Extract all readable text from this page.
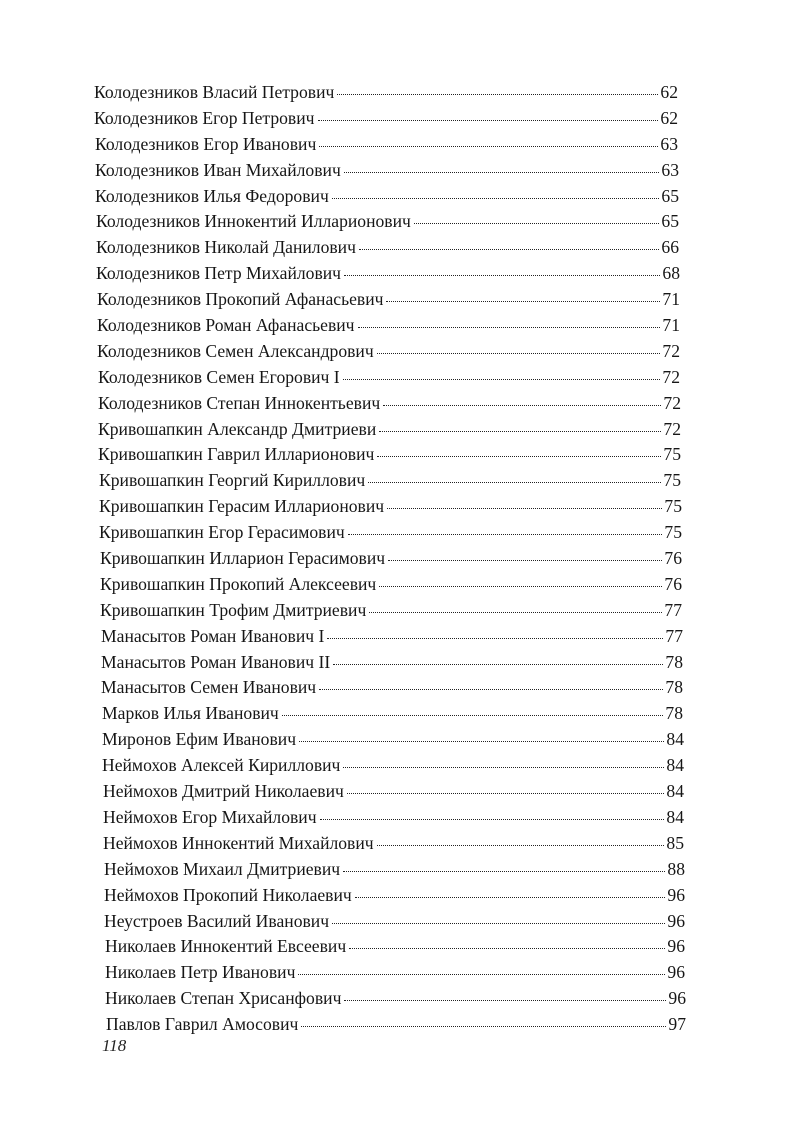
Колодезников Власий Петрович	62
Колодезников Егор Петрович	62
Колодезников Егор Иванович	63
Колодезников Иван Михайлович	63
Колодезников Илья Федорович	65
Колодезников Иннокентий Илларионович	65
Колодезников Николай Данилович	66
Колодезников Петр Михайлович	68
Колодезников Прокопий Афанасьевич	71
Колодезников Роман Афанасьевич	71
Колодезников Семен Александрович	72
Колодезников Семен Егорович I	72
Колодезников Степан Иннокентьевич	72
Кривошапкин Александр Дмитриеви	72
Кривошапкин Гаврил Илларионович	75
Кривошапкин Георгий Кириллович	75
Кривошапкин Герасим Илларионович	75
Кривошапкин Егор Герасимович	75
Кривошапкин Илларион Герасимович	76
Кривошапкин Прокопий Алексеевич	76
Кривошапкин Трофим Дмитриевич	77
Манасытов Роман Иванович I	77
Манасытов Роман Иванович II	78
Манасытов Семен Иванович	78
Марков Илья Иванович	78
Миронов Ефим Иванович	84
Неймохов Алексей Кириллович	84
Неймохов Дмитрий Николаевич	84
Неймохов Егор Михайлович	84
Неймохов Иннокентий Михайлович	85
Неймохов Михаил Дмитриевич	88
Неймохов Прокопий Николаевич	96
Неустроев Василий Иванович	96
Николаев Иннокентий Евсеевич	96
Николаев Петр Иванович	96
Николаев Степан Хрисанфович	96
Павлов Гаврил Амосович	97
118
